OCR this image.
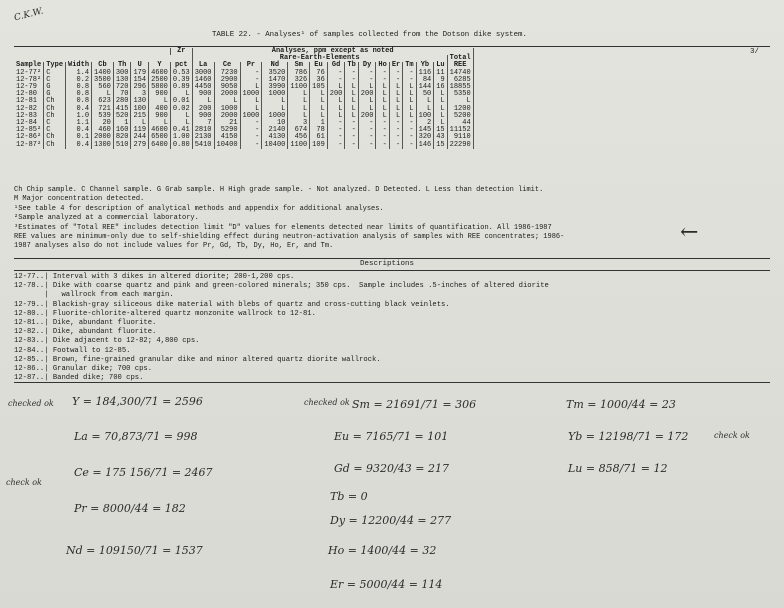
C.K.W.
TABLE 22. - Analyses¹ of samples collected from the Dotson dike system.
3/
							Zr	Analyses, ppm except as noted														
								Rare-Earth-Elements														Total
Sample	Type	Width	Cb	Th	U	Y	pct	La	Ce	Pr	Nd	Sm	Eu	Gd	Tb	Dy	Ho	Er	Tm	Yb	Lu	REE
12-77²	C	1.4	1400	300	179	4600	0.53	3000	7230	-	3520	786	76	-	-	-	-	-	-	116	11	14740
12-78²	C	0.2	3500	130	154	2500	0.39	1460	2900	-	1470	326	36	-	-	-	-	-	-	84	9	6285
12-79	G	0.8	560	720	296	5800	0.89	4450	9050	L	3990	1100	105	L	L	L	L	L	L	144	16	18855
12-80	G	0.8	L	70	3	900	L	900	2000	1000	1000	L	L	200	L	200	L	L	L	50	L	5350
12-81	Ch	0.8	623	280	130	L	0.01	L	L	L	L	L	L	L	L	L	L	L	L	L	L	L
12-82	Ch	0.4	721	415	100	400	0.02	200	1000	L	L	L	L	L	L	L	L	L	L	L	L	1200
12-83	Ch	1.0	539	520	215	900	L	900	2000	1000	1000	L	L	L	L	200	L	L	L	100	L	5200
12-84	C	1.1	20	1	L	L	L	7	21	-	10	3	1	-	-	-	-	-	-	2	L	44
12-85²	C	0.4	460	160	119	4600	0.41	2810	5290	-	2140	674	78	-	-	-	-	-	-	145	15	11152
12-86²	Ch	0.1	2000	820	244	6500	1.00	2130	4150	-	4130	456	61	-	-	-	-	-	-	320	43	9110
12-87²	Ch	0.4	1300	510	279	6400	0.80	5410	10400	-	10400	1100	109	-	-	-	-	-	-	146	15	22290
Ch Chip sample. C Channel sample. G Grab sample. H High grade sample. - Not analyzed. D Detected. L Less than detection limit.
M Major concentration detected.
¹See table 4 for description of analytical methods and appendix for additional analyses.
²Sample analyzed at a commercial laboratory.
³Estimates of "Total REE" includes detection limit "D" values for elements detected near limits of quantification. All 1986-1987
REE values are minimum-only due to self-shielding effect during neutron-activation analysis of samples with REE concentrates; 1986-
1987 analyses also do not include values for Pr, Gd, Tb, Dy, Ho, Er, and Tm.
←
Descriptions
12-77..| Interval with 3 dikes in altered diorite; 200-1,200 cps.
12-78..| Dike with coarse quartz and pink and green-colored minerals; 350 cps.  Sample includes .5-inches of altered diorite
|   wallrock from each margin.
12-79..| Blackish-gray siliceous dike material with blebs of quartz and cross-cutting black veinlets.
12-80..| Fluorite-chlorite-altered quartz monzonite wallrock to 12-81.
12-81..| Dike, abundant fluorite.
12-82..| Dike, abundant fluorite.
12-83..| Dike adjacent to 12-82; 4,800 cps.
12-84..| Footwall to 12-85.
12-85..| Brown, fine-grained granular dike and minor altered quartz diorite wallrock.
12-86..| Granular dike; 700 cps.
12-87..| Banded dike; 700 cps.
checked ok Y = 184,300/71 = 2596
La = 70,873/71 = 998
check ok
Ce = 175 156/71 = 2467
Pr = 8000/44 = 182
Nd = 109150/71 = 1537
checked ok Sm = 21691/71 = 306
Eu = 7165/71 = 101
Gd = 9320/43 = 217
Tb = 0
Dy = 12200/44 = 277
Ho = 1400/44 = 32
Er = 5000/44 = 114
Tm = 1000/44 = 23
Yb = 12198/71 = 172	check ok
Lu = 858/71 = 12
